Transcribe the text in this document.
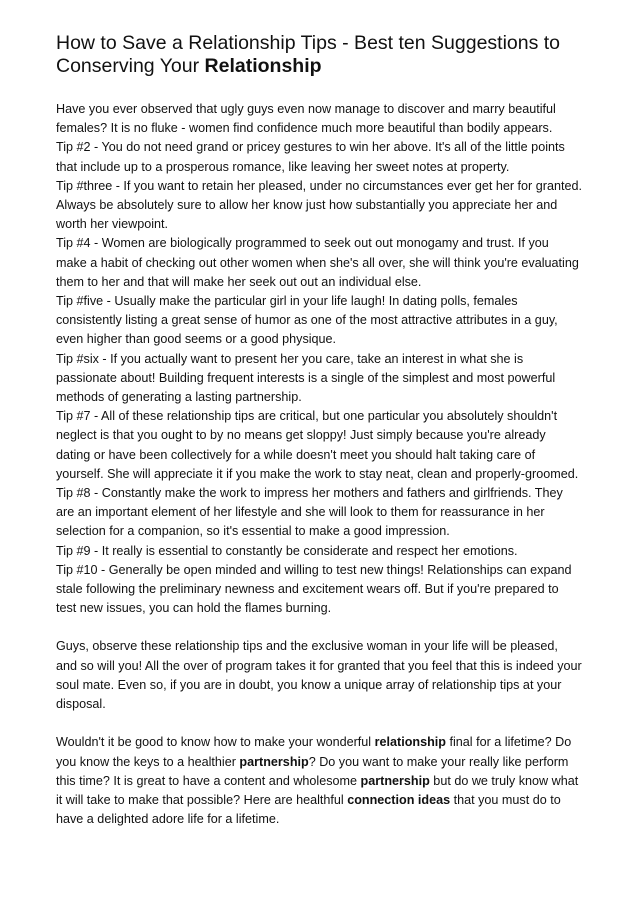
How to Save a Relationship Tips - Best ten Suggestions to Conserving Your Relationship

Have you ever observed that ugly guys even now manage to discover and marry beautiful females? It is no fluke - women find confidence much more beautiful than bodily appears.

Tip #2 - You do not need grand or pricey gestures to win her above. It's all of the little points that include up to a prosperous romance, like leaving her sweet notes at property.

Tip #three - If you want to retain her pleased, under no circumstances ever get her for granted. Always be absolutely sure to allow her know just how substantially you appreciate her and worth her viewpoint.

Tip #4 - Women are biologically programmed to seek out out monogamy and trust. If you make a habit of checking out other women when she's all over, she will think you're evaluating them to her and that will make her seek out out an individual else.

Tip #five - Usually make the particular girl in your life laugh! In dating polls, females consistently listing a great sense of humor as one of the most attractive attributes in a guy, even higher than good seems or a good physique.

Tip #six - If you actually want to present her you care, take an interest in what she is passionate about! Building frequent interests is a single of the simplest and most powerful methods of generating a lasting partnership.

Tip #7 - All of these relationship tips are critical, but one particular you absolutely shouldn't neglect is that you ought to by no means get sloppy! Just simply because you're already dating or have been collectively for a while doesn't meet you should halt taking care of yourself. She will appreciate it if you make the work to stay neat, clean and properly-groomed.

Tip #8 - Constantly make the work to impress her mothers and fathers and girlfriends. They are an important element of her lifestyle and she will look to them for reassurance in her selection for a companion, so it's essential to make a good impression.

Tip #9 - It really is essential to constantly be considerate and respect her emotions.

Tip #10 - Generally be open minded and willing to test new things! Relationships can expand stale following the preliminary newness and excitement wears off. But if you're prepared to test new issues, you can hold the flames burning.

Guys, observe these relationship tips and the exclusive woman in your life will be pleased, and so will you! All the over of program takes it for granted that you feel that this is indeed your soul mate. Even so, if you are in doubt, you know a unique array of relationship tips at your disposal.

Wouldn't it be good to know how to make your wonderful relationship final for a lifetime? Do you know the keys to a healthier partnership? Do you want to make your really like perform this time? It is great to have a content and wholesome partnership but do we truly know what it will take to make that possible? Here are healthful connection ideas that you must do to have a delighted adore life for a lifetime.
